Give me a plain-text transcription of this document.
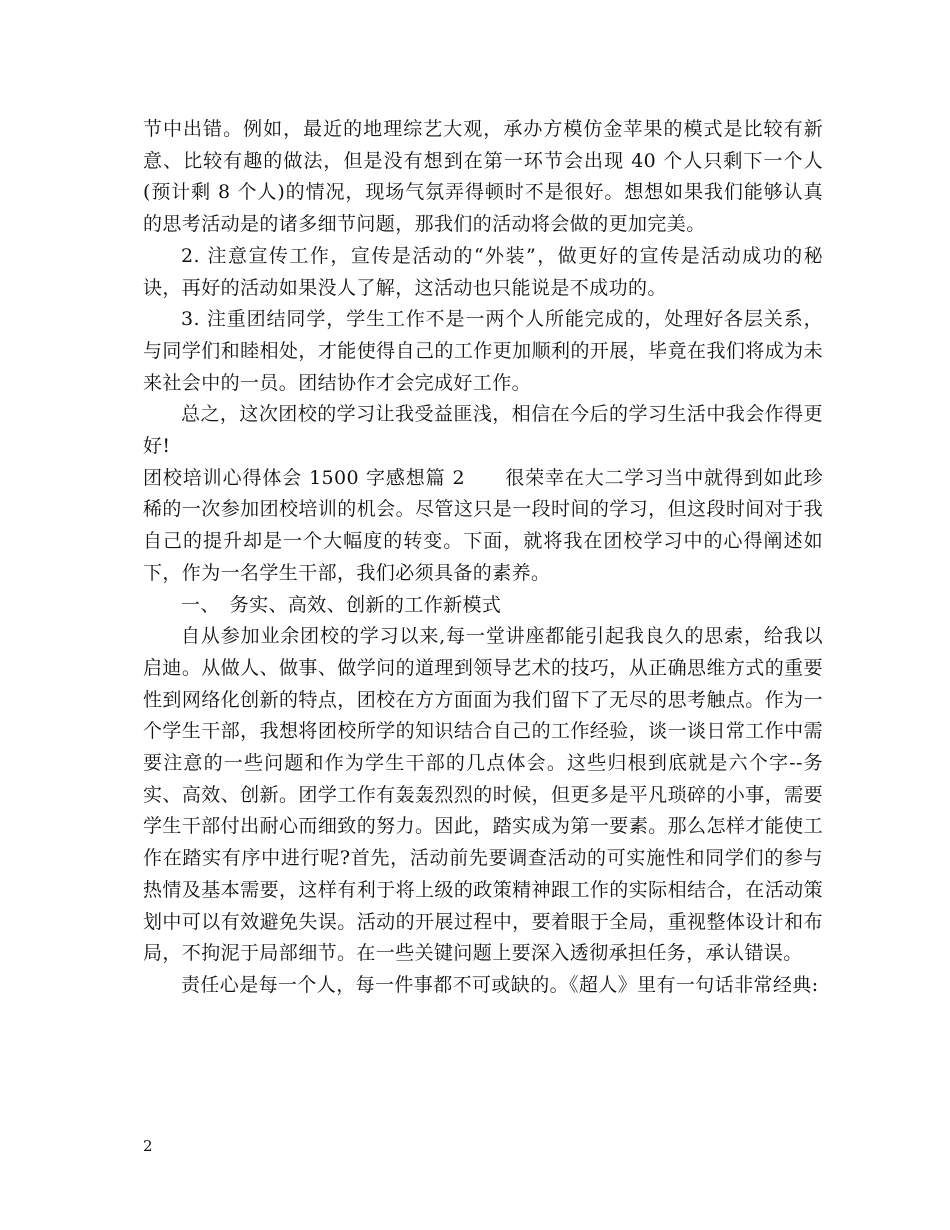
节中出错。例如，最近的地理综艺大观，承办方模仿金苹果的模式是比较有新意、比较有趣的做法，但是没有想到在第一环节会出现 40 个人只剩下一个人(预计剩 8 个人)的情况，现场气氛弄得顿时不是很好。想想如果我们能够认真的思考活动是的诸多细节问题，那我们的活动将会做的更加完美。

2. 注意宣传工作，宣传是活动的“外装”，做更好的宣传是活动成功的秘诀，再好的活动如果没人了解，这活动也只能说是不成功的。

3. 注重团结同学，学生工作不是一两个人所能完成的，处理好各层关系，与同学们和睦相处，才能使得自己的工作更加顺利的开展，毕竟在我们将成为未来社会中的一员。团结协作才会完成好工作。

总之，这次团校的学习让我受益匪浅，相信在今后的学习生活中我会作得更好!

团校培训心得体会 1500 字感想篇 2　　很荣幸在大二学习当中就得到如此珍稀的一次参加团校培训的机会。尽管这只是一段时间的学习，但这段时间对于我自己的提升却是一个大幅度的转变。下面，就将我在团校学习中的心得阐述如下，作为一名学生干部，我们必须具备的素养。

一、　务实、高效、创新的工作新模式

自从参加业余团校的学习以来,每一堂讲座都能引起我良久的思索，给我以启迪。从做人、做事、做学问的道理到领导艺术的技巧，从正确思维方式的重要性到网络化创新的特点，团校在方方面面为我们留下了无尽的思考触点。作为一个学生干部，我想将团校所学的知识结合自己的工作经验，谈一谈日常工作中需要注意的一些问题和作为学生干部的几点体会。这些归根到底就是六个字--务实、高效、创新。团学工作有轰轰烈烈的时候，但更多是平凡琐碎的小事，需要学生干部付出耐心而细致的努力。因此，踏实成为第一要素。那么怎样才能使工作在踏实有序中进行呢?首先，活动前先要调查活动的可实施性和同学们的参与热情及基本需要，这样有利于将上级的政策精神跟工作的实际相结合，在活动策划中可以有效避免失误。活动的开展过程中，要着眼于全局，重视整体设计和布局，不拘泥于局部细节。在一些关键问题上要深入透彻承担任务，承认错误。

责任心是每一个人，每一件事都不可或缺的。《超人》里有一句话非常经典:

2
